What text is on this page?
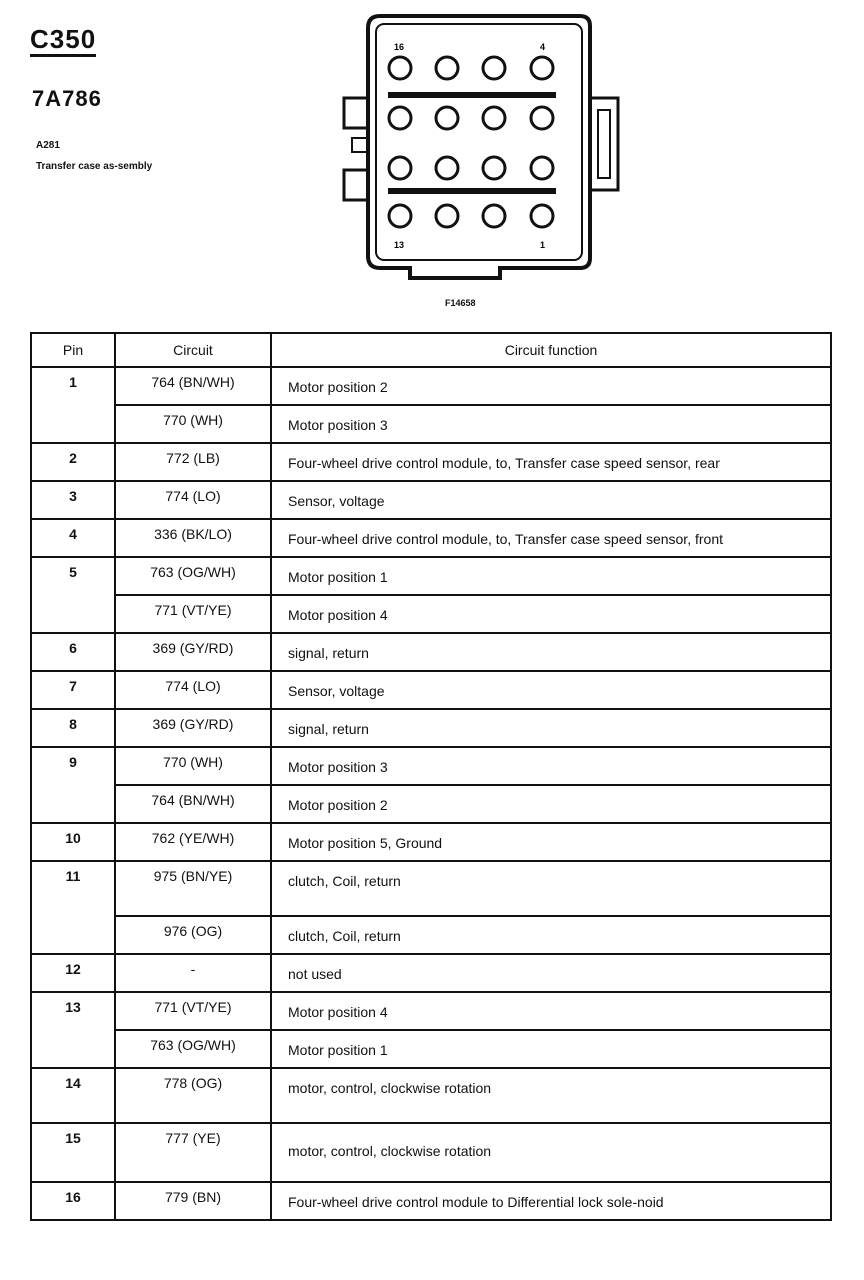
C350
7A786
A281
Transfer case as-sembly
16	4
13	1
F14658
Pin	Circuit	Circuit function
1	764 (BN/WH)	Motor position 2
	770 (WH)	Motor position 3
2	772 (LB)	Four-wheel drive control module, to, Transfer case speed sensor, rear
3	774 (LO)	Sensor, voltage
4	336 (BK/LO)	Four-wheel drive control module, to, Transfer case speed sensor, front
5	763 (OG/WH)	Motor position 1
	771 (VT/YE)	Motor position 4
6	369 (GY/RD)	signal, return
7	774 (LO)	Sensor, voltage
8	369 (GY/RD)	signal, return
9	770 (WH)	Motor position 3
	764 (BN/WH)	Motor position 2
10	762 (YE/WH)	Motor position 5, Ground
11	975 (BN/YE)	clutch, Coil, return
	976 (OG)	clutch, Coil, return
12	-	not used
13	771 (VT/YE)	Motor position 4
	763 (OG/WH)	Motor position 1
14	778 (OG)	motor, control, clockwise rotation
15	777 (YE)	motor, control, clockwise rotation
16	779 (BN)	Four-wheel drive control module to Differential lock sole-noid
